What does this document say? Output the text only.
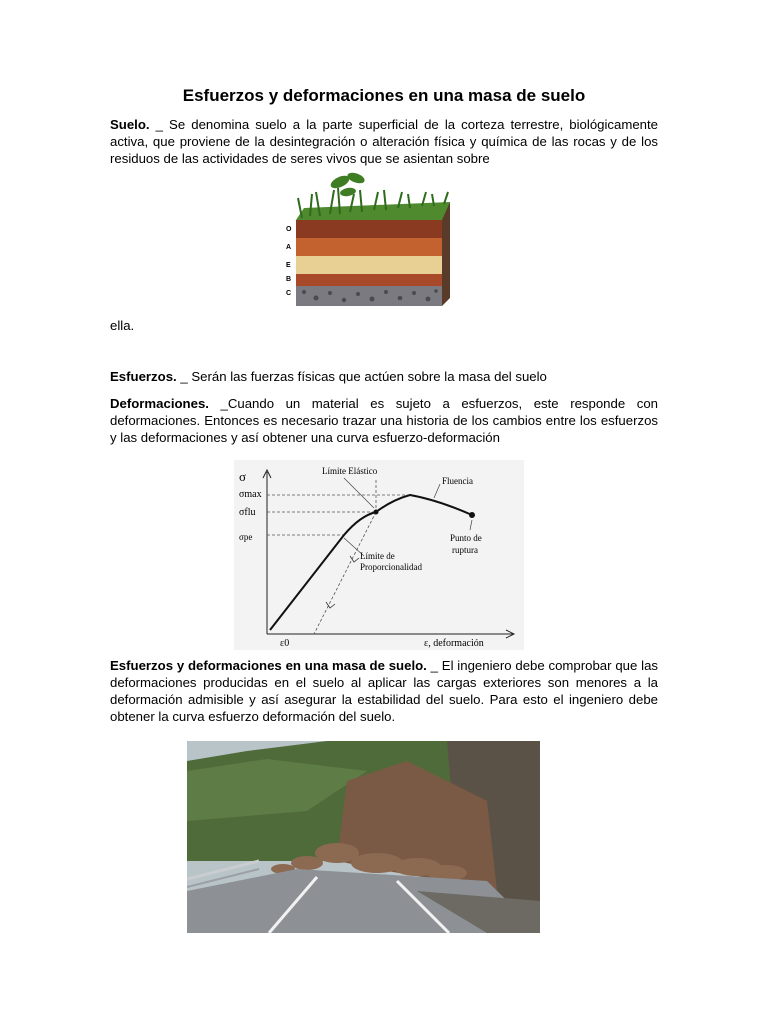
Esfuerzos y deformaciones en una masa de suelo
Suelo. _ Se denomina suelo a la parte superficial de la corteza terrestre, biológicamente activa, que proviene de la desintegración o alteración física y química de las rocas y de los residuos de las actividades de seres vivos que se asientan sobre
O
A
E
B
C
ella.
Esfuerzos. _ Serán las fuerzas físicas que actúen sobre la masa del suelo
Deformaciones. _Cuando un material es sujeto a esfuerzos, este responde con deformaciones. Entonces es necesario trazar una historia de los cambios entre los esfuerzos y las deformaciones y así obtener una curva esfuerzo-deformación
σ
σmax
σflu
σpe
ε0	ε, deformación
Límite Elástico
Fluencia
Punto de
ruptura
Límite de
Proporcionalidad
Esfuerzos y deformaciones en una masa de suelo. _ El ingeniero debe comprobar que las deformaciones producidas en el suelo al aplicar las cargas exteriores son menores a la deformación admisible y así asegurar la estabilidad del suelo. Para esto el ingeniero debe obtener la curva esfuerzo deformación del suelo.
